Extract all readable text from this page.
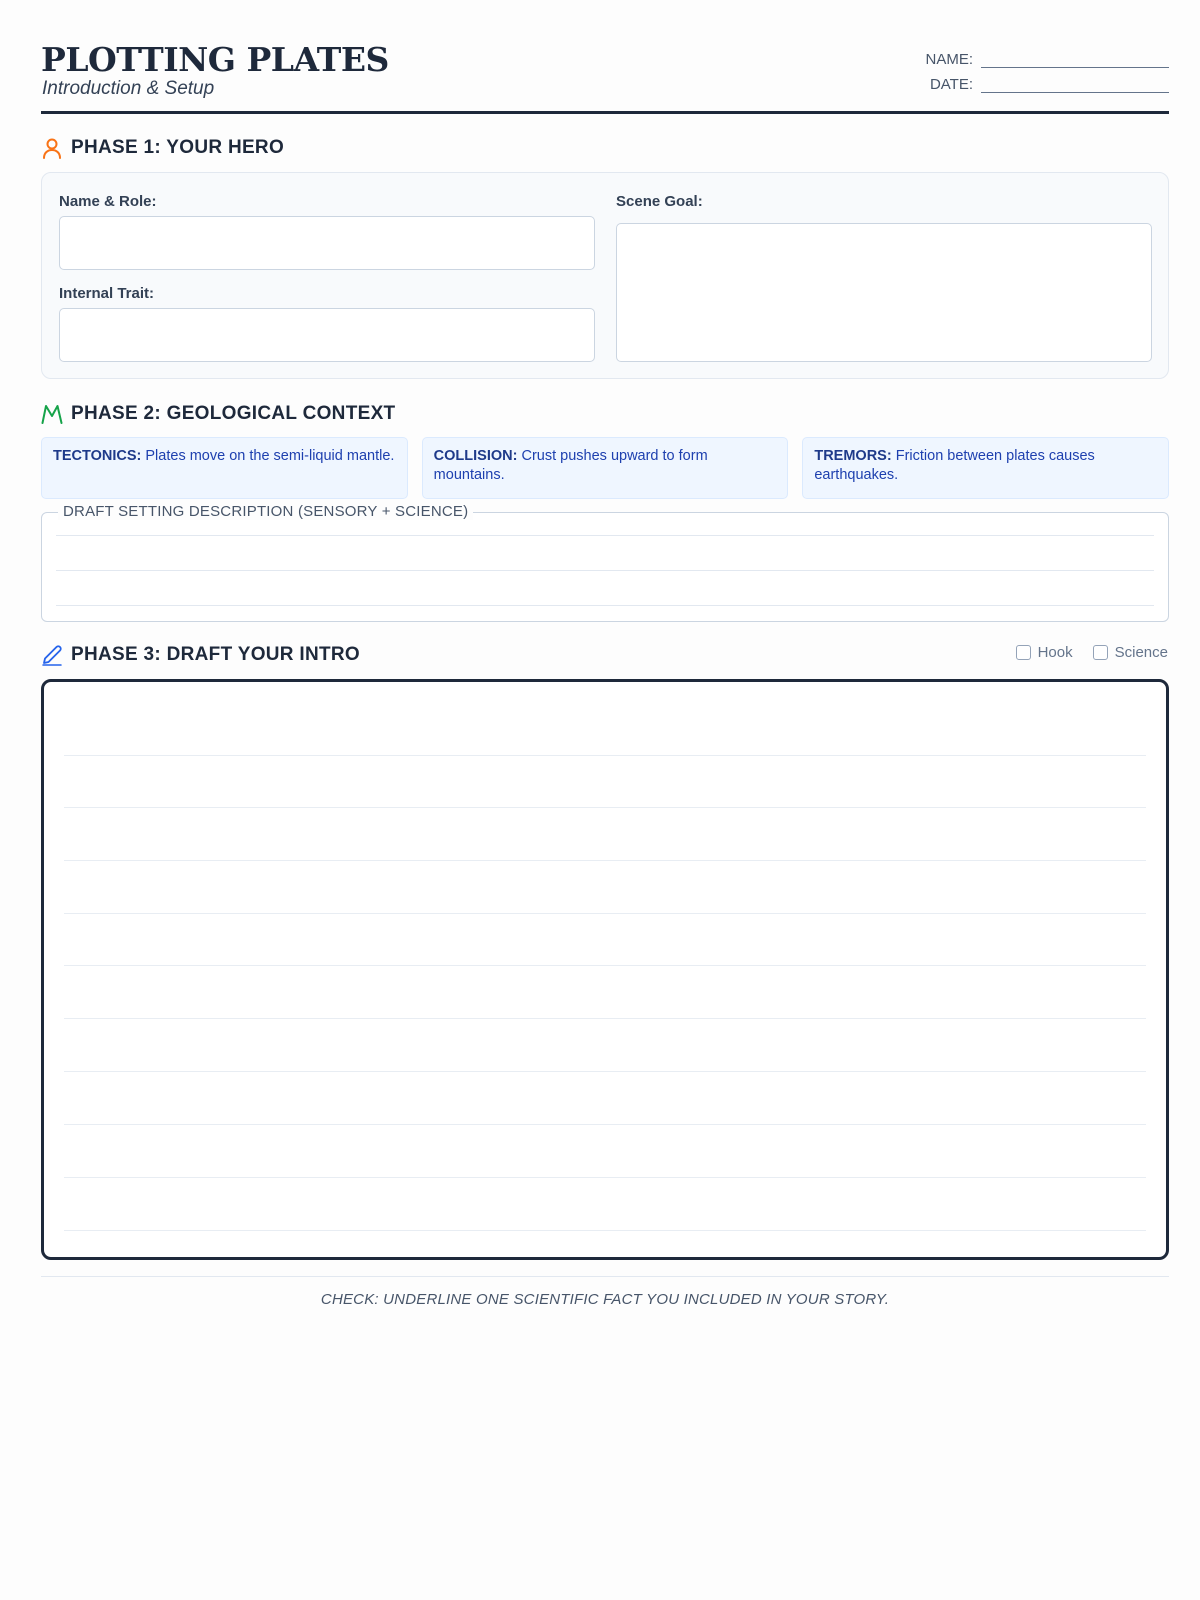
PLOTTING PLATES
Introduction & Setup
NAME:
DATE:
PHASE 1: YOUR HERO
Name & Role:
Internal Trait:
Scene Goal:
PHASE 2: GEOLOGICAL CONTEXT
TECTONICS: Plates move on the semi-liquid mantle.	COLLISION: Crust pushes upward to form mountains.
TREMORS: Friction between plates causes earthquakes.
DRAFT SETTING DESCRIPTION (SENSORY + SCIENCE)
PHASE 3: DRAFT YOUR INTRO	Hook	Science
CHECK: UNDERLINE ONE SCIENTIFIC FACT YOU INCLUDED IN YOUR STORY.
